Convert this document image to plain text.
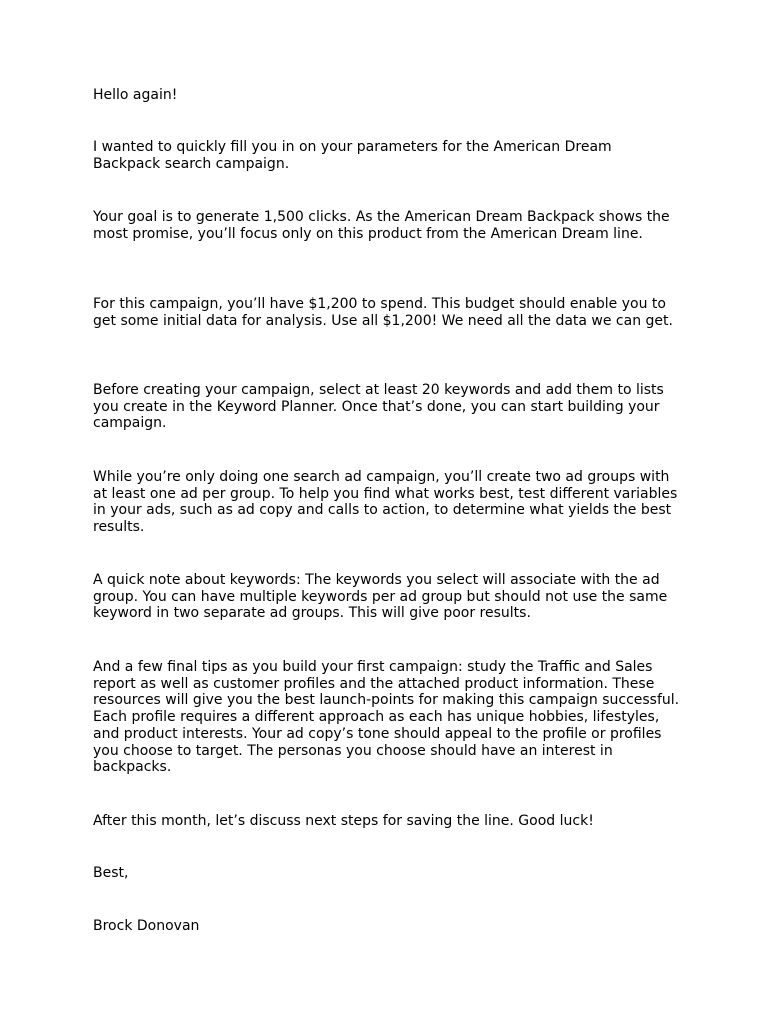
Hello again!

I wanted to quickly fill you in on your parameters for the American Dream Backpack search campaign.

Your goal is to generate 1,500 clicks. As the American Dream Backpack shows the most promise, you’ll focus only on this product from the American Dream line.

For this campaign, you’ll have $1,200 to spend. This budget should enable you to get some initial data for analysis. Use all $1,200! We need all the data we can get.

Before creating your campaign, select at least 20 keywords and add them to lists you create in the Keyword Planner. Once that’s done, you can start building your campaign.

While you’re only doing one search ad campaign, you’ll create two ad groups with at least one ad per group. To help you find what works best, test different variables in your ads, such as ad copy and calls to action, to determine what yields the best results.

A quick note about keywords: The keywords you select will associate with the ad group. You can have multiple keywords per ad group but should not use the same keyword in two separate ad groups. This will give poor results.

And a few final tips as you build your first campaign: study the Traffic and Sales report as well as customer profiles and the attached product information. These resources will give you the best launch-points for making this campaign successful. Each profile requires a different approach as each has unique hobbies, lifestyles, and product interests. Your ad copy’s tone should appeal to the profile or profiles you choose to target. The personas you choose should have an interest in backpacks.

After this month, let’s discuss next steps for saving the line. Good luck!

Best,

Brock Donovan
